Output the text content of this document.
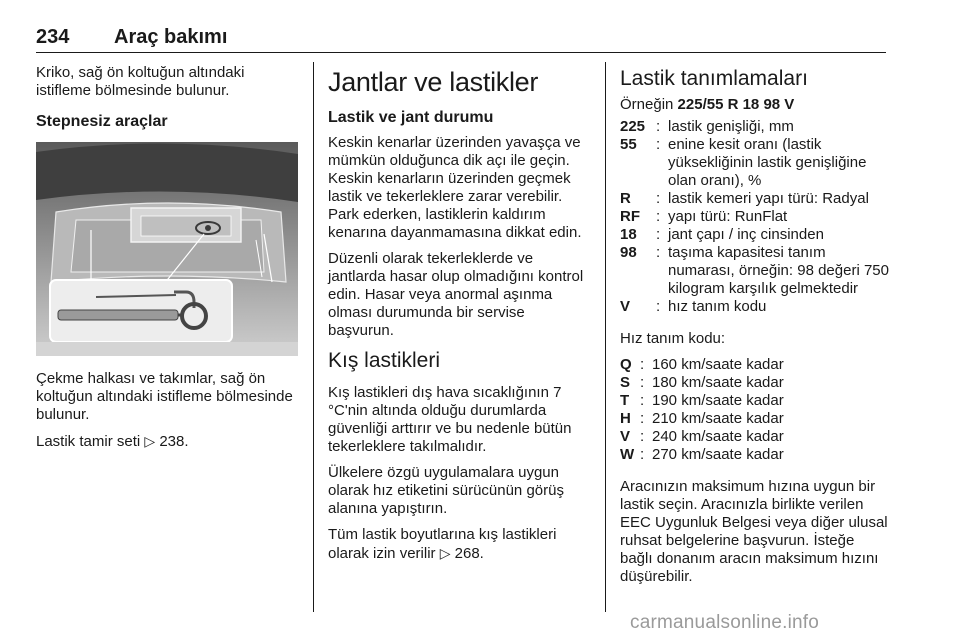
234 Araç bakımı

Kriko, sağ ön koltuğun altındaki istifleme bölmesinde bulunur.

Stepnesiz araçlar

Çekme halkası ve takımlar, sağ ön koltuğun altındaki istifleme bölmesinde bulunur.

Lastik tamir seti ▷ 238.

Jantlar ve lastikler
Lastik ve jant durumu

Keskin kenarlar üzerinden yavaşça ve mümkün olduğunca dik açı ile geçin. Keskin kenarların üzerinden geçmek lastik ve tekerleklere zarar verebilir. Park ederken, lastiklerin kaldırım kenarına dayanmamasına dikkat edin.

Düzenli olarak tekerleklerde ve jantlarda hasar olup olmadığını kontrol edin. Hasar veya anormal aşınma olması durumunda bir servise başvurun.

Kış lastikleri

Kış lastikleri dış hava sıcaklığının 7 °C'nin altında olduğu durumlarda güvenliği arttırır ve bu nedenle bütün tekerleklere takılmalıdır.

Ülkelere özgü uygulamalara uygun olarak hız etiketini sürücünün görüş alanına yapıştırın.

Tüm lastik boyutlarına kış lastikleri olarak izin verilir ▷ 268.

Lastik tanımlamaları

Örneğin 225/55 R 18 98 V

225 : lastik genişliği, mm
55	: enine kesit oranı (lastik yüksekliğinin lastik genişliğine olan oranı), %
R	: lastik kemeri yapı türü: Radyal
RF	: yapı türü: RunFlat
18	: jant çapı / inç cinsinden
98	: taşıma kapasitesi tanım numarası, örneğin: 98 değeri 750 kilogram karşılık gelmektedir
V	: hız tanım kodu

Hız tanım kodu:

Q : 160 km/saate kadar
S : 180 km/saate kadar
T : 190 km/saate kadar
H : 210 km/saate kadar
V : 240 km/saate kadar
W : 270 km/saate kadar

Aracınızın maksimum hızına uygun bir lastik seçin. Aracınızla birlikte verilen EEC Uygunluk Belgesi veya diğer ulusal ruhsat belgelerine başvurun. İsteğe bağlı donanım aracın maksimum hızını düşürebilir.

carmanualsonline.info
